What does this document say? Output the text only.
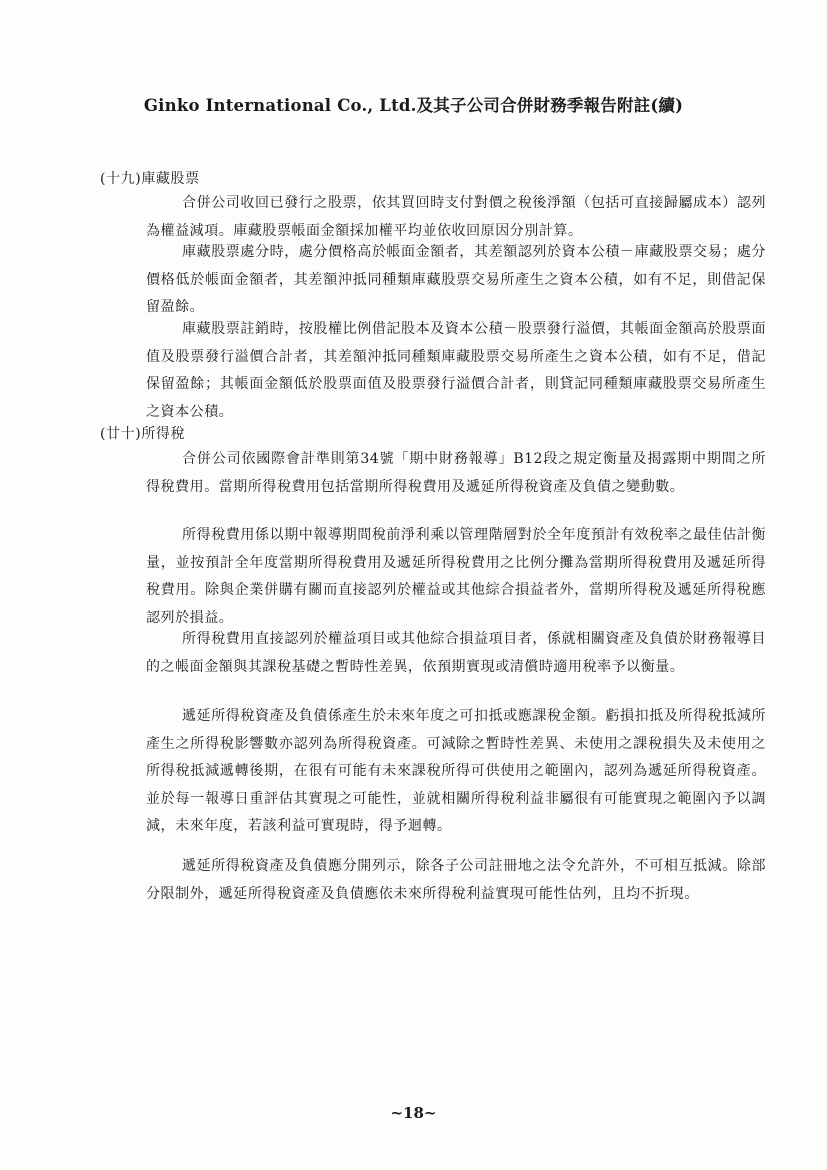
Ginko International Co., Ltd.及其子公司合併財務季報告附註(續)
(十九)庫藏股票

合併公司收回已發行之股票，依其買回時支付對價之稅後淨額（包括可直接歸屬成本）認列為權益減項。庫藏股票帳面金額採加權平均並依收回原因分別計算。

庫藏股票處分時，處分價格高於帳面金額者，其差額認列於資本公積－庫藏股票交易；處分價格低於帳面金額者，其差額沖抵同種類庫藏股票交易所產生之資本公積，如有不足，則借記保留盈餘。

庫藏股票註銷時，按股權比例借記股本及資本公積－股票發行溢價，其帳面金額高於股票面值及股票發行溢價合計者，其差額沖抵同種類庫藏股票交易所產生之資本公積，如有不足，借記保留盈餘；其帳面金額低於股票面值及股票發行溢價合計者，則貸記同種類庫藏股票交易所產生之資本公積。

(廿十)所得稅

合併公司依國際會計準則第34號「期中財務報導」B12段之規定衡量及揭露期中期間之所得稅費用。當期所得稅費用包括當期所得稅費用及遞延所得稅資產及負債之變動數。

所得稅費用係以期中報導期間稅前淨利乘以管理階層對於全年度預計有效稅率之最佳估計衡量，並按預計全年度當期所得稅費用及遞延所得稅費用之比例分攤為當期所得稅費用及遞延所得稅費用。除與企業併購有關而直接認列於權益或其他綜合損益者外，當期所得稅及遞延所得稅應認列於損益。

所得稅費用直接認列於權益項目或其他綜合損益項目者，係就相關資產及負債於財務報導目的之帳面金額與其課稅基礎之暫時性差異，依預期實現或清償時適用稅率予以衡量。

遞延所得稅資產及負債係產生於未來年度之可扣抵或應課稅金額。虧損扣抵及所得稅抵減所產生之所得稅影響數亦認列為所得稅資產。可減除之暫時性差異、未使用之課稅損失及未使用之所得稅抵減遞轉後期，在很有可能有未來課稅所得可供使用之範圍內，認列為遞延所得稅資產。並於每一報導日重評估其實現之可能性，並就相關所得稅利益非屬很有可能實現之範圍內予以調減，未來年度，若該利益可實現時，得予迴轉。

遞延所得稅資產及負債應分開列示，除各子公司註冊地之法令允許外，不可相互抵減。除部分限制外，遞延所得稅資產及負債應依未來所得稅利益實現可能性估列，且均不折現。

~18~
